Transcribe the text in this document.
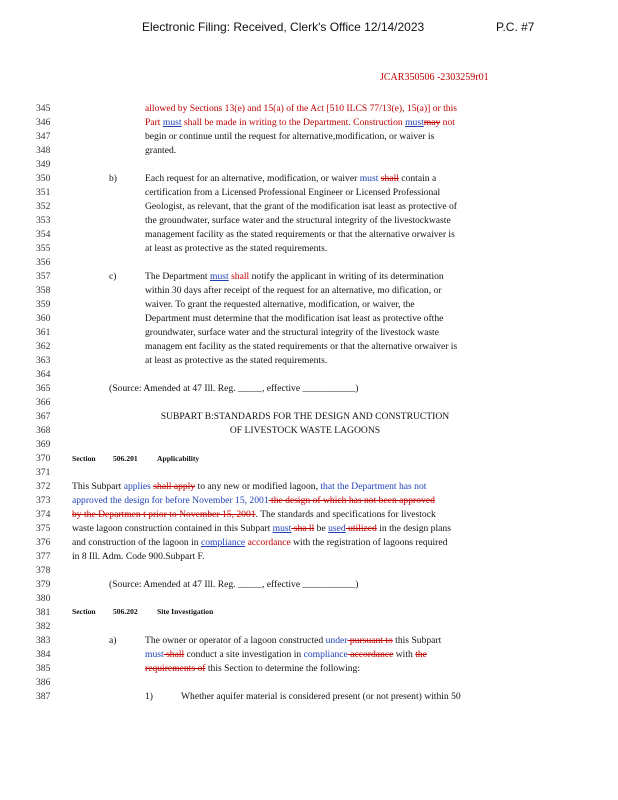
Electronic Filing: Received, Clerk's Office 12/14/2023	P.C. #7
JCAR350506 -2303259r01
345
346
347
348
349
350
351
352
353
354
355
356
357
358
359
360
361
362
363
364
365
366
367
368
369
370
371
372
373
374
375
376
377
378
379
380
381
382
383
384
385
386
387
allowed by Sections 13(e) and 15(a) of the Act [510 ILCS 77/13(e), 15(a)] or this
Part must shall be made in writing to the Department. Construction mustmay not
begin or continue until the request for alternative,modification, or waiver is
granted.
b)	Each request for an alternative, modification, or waiver must shall contain a
certification from a Licensed Professional Engineer or Licensed Professional
Geologist, as relevant, that the grant of the modification isat least as protective of
the groundwater, surface water and the structural integrity of the livestockwaste
management facility as the stated requirements or that the alternative orwaiver is
at least as protective as the stated requirements.
c)	The Department must shall notify the applicant in writing of its determination
within 30 days after receipt of the request for an alternative, mo dification, or
waiver. To grant the requested alternative, modification, or waiver, the
Department must determine that the modification isat least as protective ofthe
groundwater, surface water and the structural integrity of the livestock waste
managem ent facility as the stated requirements or that the alternative orwaiver is
at least as protective as the stated requirements.
(Source: Amended at 47 Ill. Reg. _____, effective ___________)
SUBPART B:STANDARDS FOR THE DESIGN AND CONSTRUCTION
OF LIVESTOCK WASTE LAGOONS
Section 506.201	Applicability
This Subpart applies shall apply to any new or modified lagoon, that the Department has not
approved the design for before November 15, 2001 the design of which has not been approved
by the Departmen t prior to November 15, 2001. The standards and specifications for livestock
waste lagoon construction contained in this Subpart must sha ll be used utilized in the design plans
and construction of the lagoon in compliance accordance with the registration of lagoons required
in 8 Ill. Adm. Code 900.Subpart F.
(Source: Amended at 47 Ill. Reg. _____, effective ___________)
Section 506.202	Site Investigation
a)	The owner or operator of a lagoon constructed under pursuant to this Subpart
must shall conduct a site investigation in compliance accordance with the
requirements of this Section to determine the following:
1)	Whether aquifer material is considered present (or not present) within 50
